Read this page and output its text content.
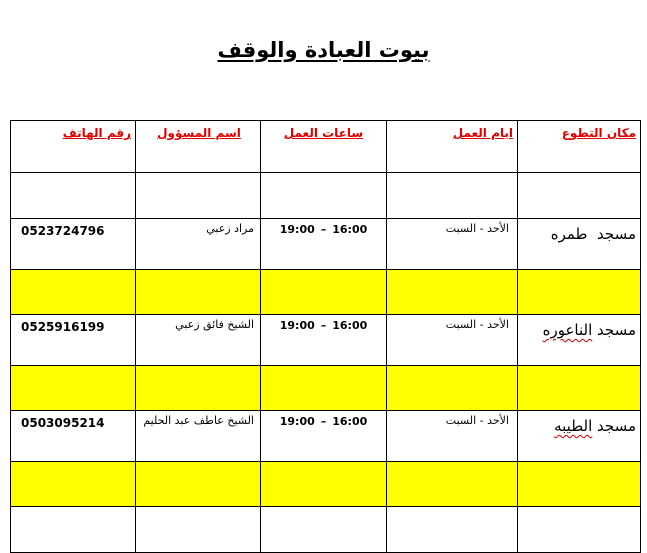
بيوت العبادة والوقف
مكان التطوع	ايام العمل	ساعات العمل	اسم المسؤول	رقم الهاتف

مسجد  طمره	الأحد - السبت	19:00 – 16:00	مراد زعبي	0523724796

مسجد الناعوره	الأحد - السبت	19:00 – 16:00	الشيخ فائق زعبي	0525916199

مسجد الطيبه	الأحد - السبت	19:00 – 16:00	الشيخ عاطف عبد الحليم	0503095214
